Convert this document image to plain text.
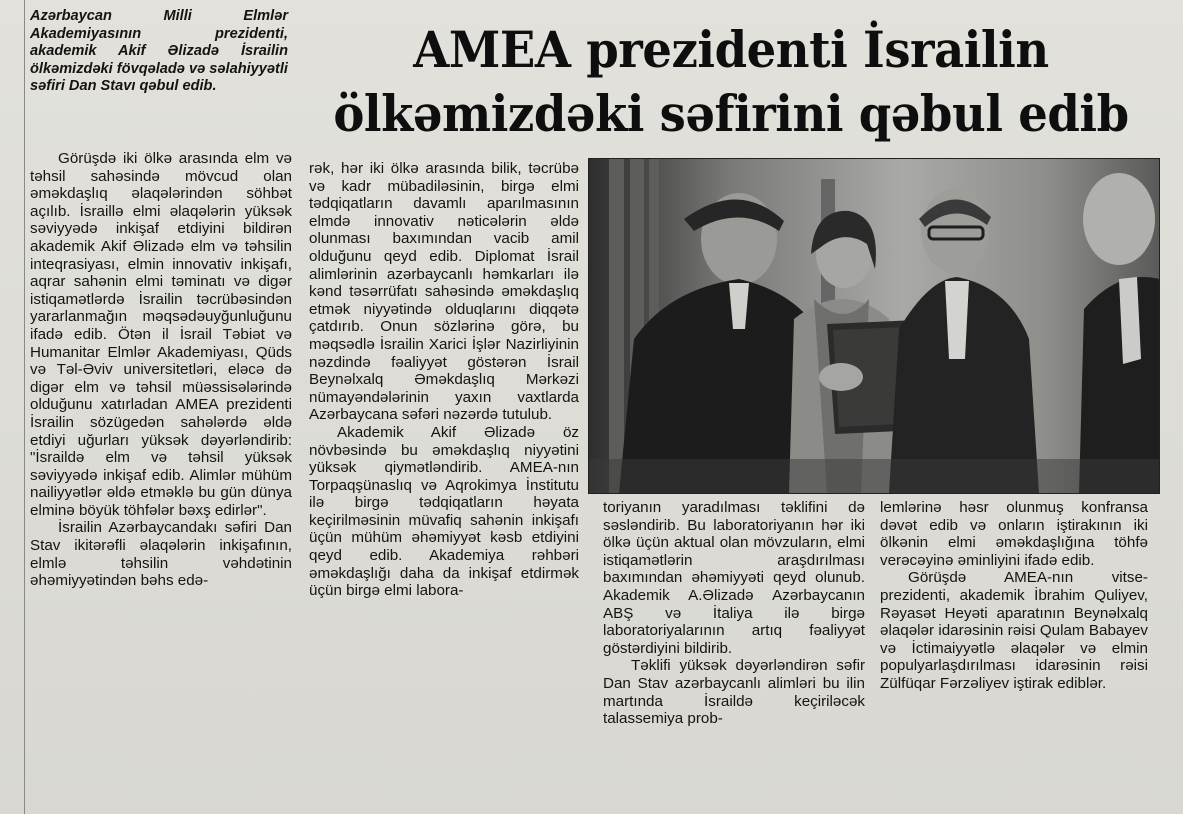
Azərbaycan Milli Elmlər Akademiyasının prezidenti, akademik Akif Əlizadə İsrailin ölkəmizdəki fövqəladə və səlahiyyətli səfiri Dan Stavı qəbul edib.
AMEA prezidenti İsrailin
ölkəmizdəki səfirini qəbul edib

Görüşdə iki ölkə arasında elm və təhsil sahəsində mövcud olan əməkdaşlıq əlaqələrindən söhbət açılıb. İsraillə elmi əlaqələrin yüksək səviyyədə inkişaf etdiyini bildirən akademik Akif Əlizadə elm və təhsilin inteqrasiyası, elmin innovativ inkişafı, aqrar sahənin elmi təminatı və digər istiqamətlərdə İsrailin təcrübəsindən yararlanmağın məqsədəuyğunluğunu ifadə edib. Ötən il İsrail Təbiət və Humanitar Elmlər Akademiyası, Qüds və Təl-Əviv universitetləri, eləcə də digər elm və təhsil müəssisələrində olduğunu xatırladan AMEA prezidenti İsrailin sözügedən sahələrdə əldə etdiyi uğurları yüksək dəyərləndirib: "İsraildə elm və təhsil yüksək səviyyədə inkişaf edib. Alimlər mühüm nailiyyətlər əldə etməklə bu gün dünya elminə böyük töhfələr bəxş edirlər".

İsrailin Azərbaycandakı səfiri Dan Stav ikitərəfli əlaqələrin inkişafının, elmlə təhsilin vəhdətinin əhəmiyyətindən bəhs edə-

rək, hər iki ölkə arasında bilik, təcrübə və kadr mübadiləsinin, birgə elmi tədqiqatların davamlı aparılmasının elmdə innovativ nəticələrin əldə olunması baxımından vacib amil olduğunu qeyd edib. Diplomat İsrail alimlərinin azərbaycanlı həmkarları ilə kənd təsərrüfatı sahəsində əməkdaşlıq etmək niyyətində olduqlarını diqqətə çatdırıb. Onun sözlərinə görə, bu məqsədlə İsrailin Xarici İşlər Nazirliyinin nəzdində fəaliyyət göstərən İsrail Beynəlxalq Əməkdaşlıq Mərkəzi nümayəndələrinin yaxın vaxtlarda Azərbaycana səfəri nəzərdə tutulub.

Akademik Akif Əlizadə öz növbəsində bu əməkdaşlıq niyyətini yüksək qiymətləndirib. AMEA-nın Torpaqşünaslıq və Aqrokimya İnstitutu ilə birgə tədqiqatların həyata keçirilməsinin müvafiq sahənin inkişafı üçün mühüm əhəmiyyət kəsb etdiyini qeyd edib. Akademiya rəhbəri əməkdaşlığı daha da inkişaf etdirmək üçün birgə elmi labora-

toriyanın yaradılması təklifini də səsləndirib. Bu laboratoriyanın hər iki ölkə üçün aktual olan mövzuların, elmi istiqamətlərin araşdırılması baxımından əhəmiyyəti qeyd olunub. Akademik A.Əlizadə Azərbaycanın ABŞ və İtaliya ilə birgə laboratoriyalarının artıq fəaliyyət göstərdiyini bildirib.

Təklifi yüksək dəyərləndirən səfir Dan Stav azərbaycanlı alimləri bu ilin martında İsraildə keçiriləcək talassemiya prob-

lemlərinə həsr olunmuş konfransa dəvət edib və onların iştirakının iki ölkənin elmi əməkdaşlığına töhfə verəcəyinə əminliyini ifadə edib.

Görüşdə AMEA-nın vitse-prezidenti, akademik İbrahim Quliyev, Rəyasət Heyəti aparatının Beynəlxalq əlaqələr idarəsinin rəisi Qulam Babayev və İctimaiyyətlə əlaqələr və elmin populyarlaşdırılması idarəsinin rəisi Zülfüqar Fərzəliyev iştirak ediblər.
